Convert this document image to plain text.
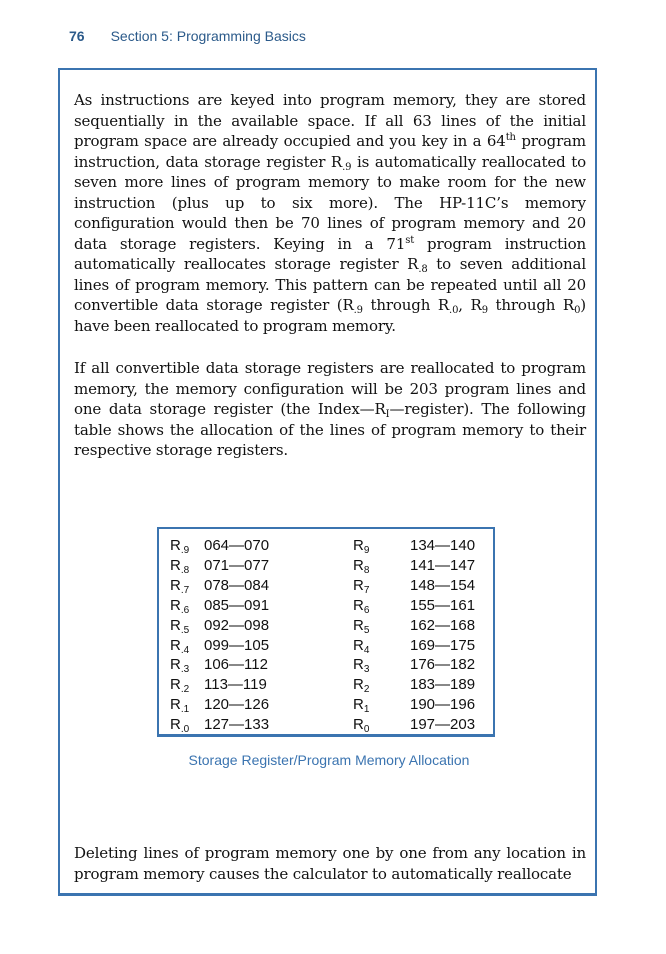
76 Section 5: Programming Basics

As instructions are keyed into program memory, they are stored sequentially in the available space. If all 63 lines of the initial program space are already occupied and you key in a 64th program instruction, data storage register $R_{.9}$ is automatically reallocated to seven more lines of program memory to make room for the new instruction (plus up to six more). The HP-11C’s memory configuration would then be 70 lines of program memory and 20 data storage registers. Keying in a 71st program instruction automatically reallocates storage register $R_{.8}$ to seven additional lines of program memory. This pattern can be repeated until all 20 convertible data storage register ($R_{.9}$ through $R_{.0}$, $R_9$ through $R_0$) have been reallocated to program memory.

If all convertible data storage registers are reallocated to program memory, the memory configuration will be 203 program lines and one data storage register (the $Index—R_I—register$). The following table shows the allocation of the lines of program memory to their respective storage registers.

$R_{.9}$ 064—070	$R_9$	134—140
$R_{.8}$ 071—077	$R_8$	141—147
$R_{.7}$ 078—084	$R_7$	148—154
$R_{.6}$ 085—091	$R_6$	155—161
$R_{.5}$ 092—098	$R_5$	162—168
$R_{.4}$ 099—105	$R_4$	169—175
$R_{.3}$ 106—112	$R_3$	176—182
$R_{.2}$ 113—119	$R_2$	183—189
$R_{.1}$ 120—126	$R_1$	190—196
$R_{.0}$ 127—133	$R_0$	197—203
Storage Register/Program Memory Allocation

Deleting lines of program memory one by one from any location in program memory causes the calculator to automatically reallocate
